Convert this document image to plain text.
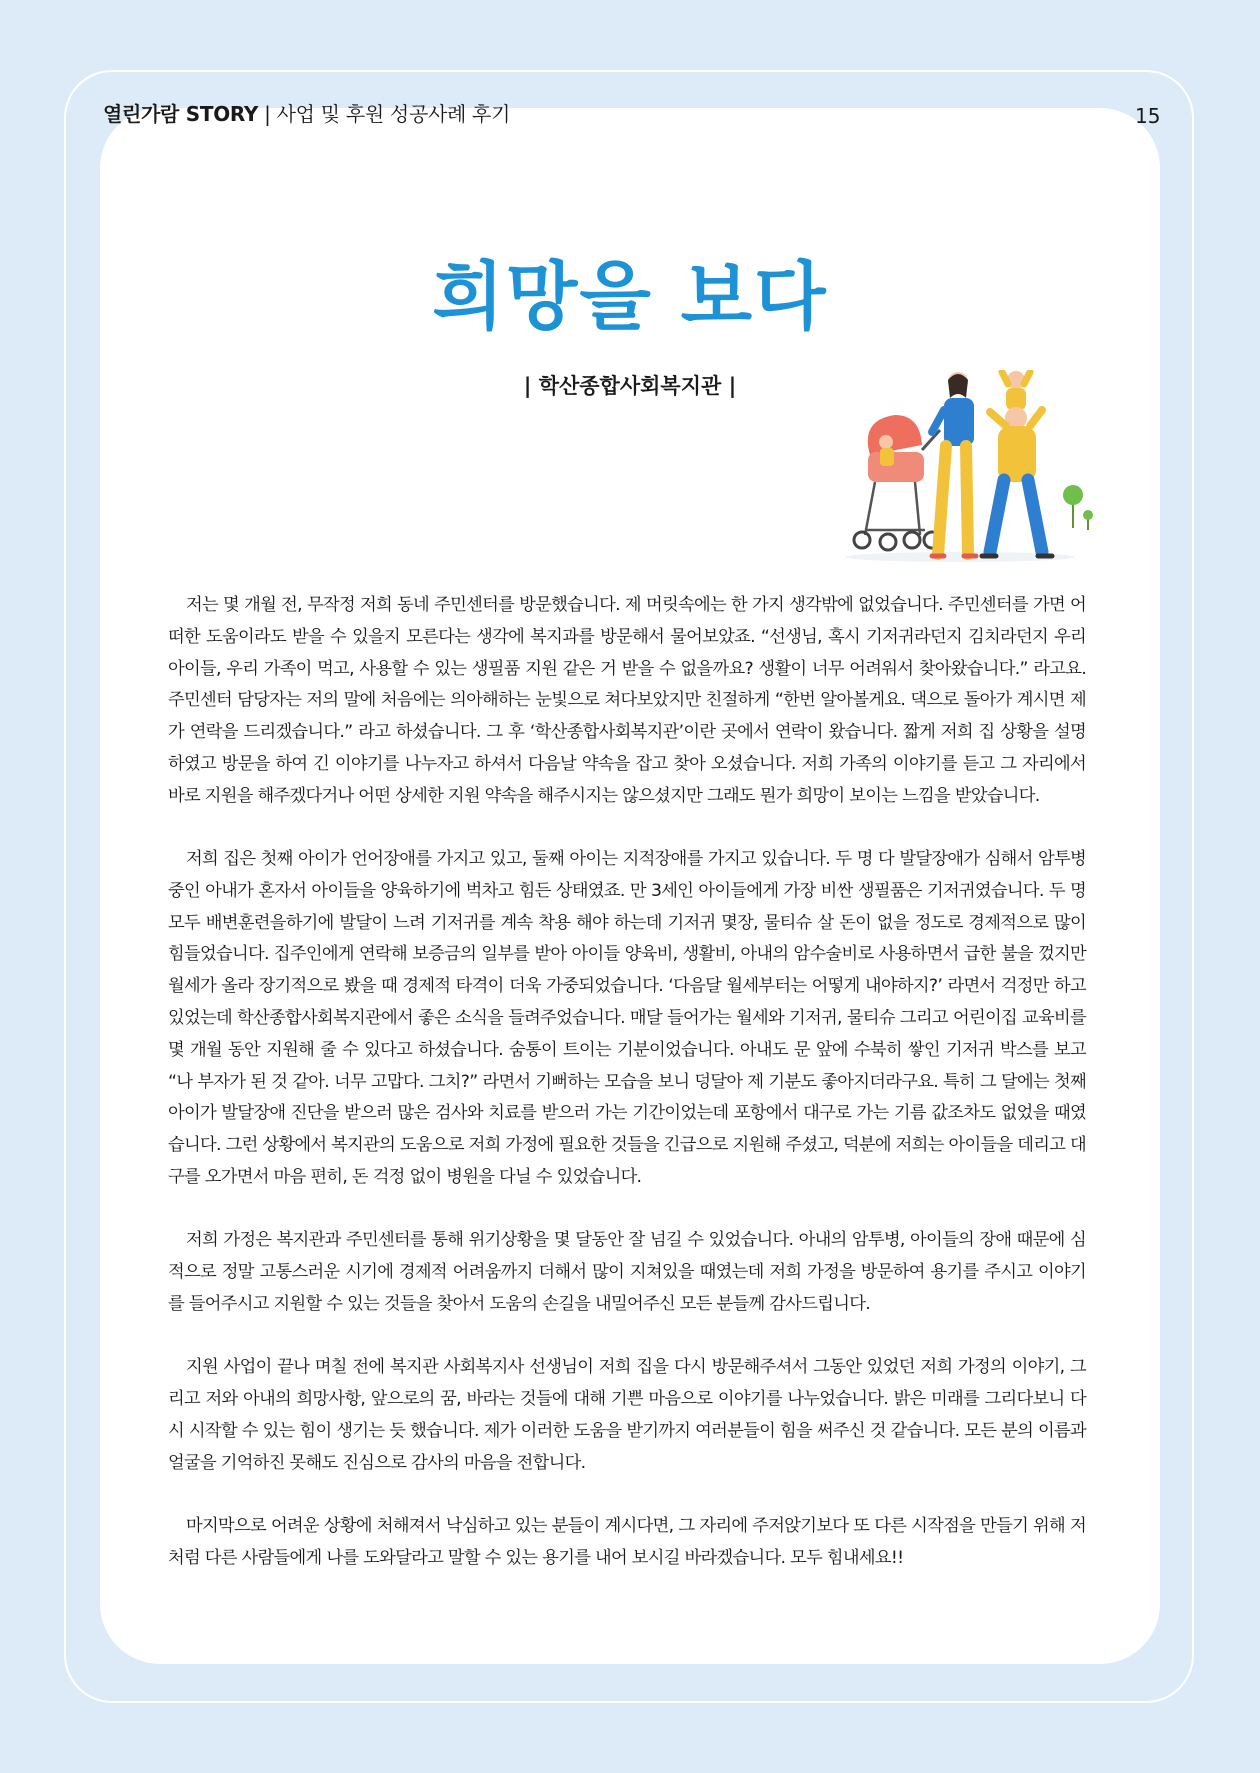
열린가람 STORY | 사업 및 후원 성공사례 후기	15
희망을 보다
| 학산종합사회복지관 |

저는 몇 개월 전, 무작정 저희 동네 주민센터를 방문했습니다. 제 머릿속에는 한 가지 생각밖에 없었습니다. 주민센터를 가면 어떠한 도움이라도 받을 수 있을지 모른다는 생각에 복지과를 방문해서 물어보았죠. “선생님, 혹시 기저귀라던지 김치라던지 우리 아이들, 우리 가족이 먹고, 사용할 수 있는 생필품 지원 같은 거 받을 수 없을까요? 생활이 너무 어려워서 찾아왔습니다.” 라고요. 주민센터 담당자는 저의 말에 처음에는 의아해하는 눈빛으로 쳐다보았지만 친절하게 “한번 알아볼게요. 댁으로 돌아가 계시면 제가 연락을 드리겠습니다.” 라고 하셨습니다. 그 후 ‘학산종합사회복지관’이란 곳에서 연락이 왔습니다. 짧게 저희 집 상황을 설명하였고 방문을 하여 긴 이야기를 나누자고 하셔서 다음날 약속을 잡고 찾아 오셨습니다. 저희 가족의 이야기를 듣고 그 자리에서 바로 지원을 해주겠다거나 어떤 상세한 지원 약속을 해주시지는 않으셨지만 그래도 뭔가 희망이 보이는 느낌을 받았습니다.

저희 집은 첫째 아이가 언어장애를 가지고 있고, 둘째 아이는 지적장애를 가지고 있습니다. 두 명 다 발달장애가 심해서 암투병중인 아내가 혼자서 아이들을 양육하기에 벅차고 힘든 상태였죠. 만 3세인 아이들에게 가장 비싼 생필품은 기저귀였습니다. 두 명 모두 배변훈련을하기에 발달이 느려 기저귀를 계속 착용 해야 하는데 기저귀 몇장, 물티슈 살 돈이 없을 정도로 경제적으로 많이 힘들었습니다. 집주인에게 연락해 보증금의 일부를 받아 아이들 양육비, 생활비, 아내의 암수술비로 사용하면서 급한 불을 껐지만 월세가 올라 장기적으로 봤을 때 경제적 타격이 더욱 가중되었습니다. ‘다음달 월세부터는 어떻게 내야하지?’ 라면서 걱정만 하고 있었는데 학산종합사회복지관에서 좋은 소식을 들려주었습니다. 매달 들어가는 월세와 기저귀, 물티슈 그리고 어린이집 교육비를 몇 개월 동안 지원해 줄 수 있다고 하셨습니다. 숨통이 트이는 기분이었습니다. 아내도 문 앞에 수북히 쌓인 기저귀 박스를 보고 “나 부자가 된 것 같아. 너무 고맙다. 그치?” 라면서 기뻐하는 모습을 보니 덩달아 제 기분도 좋아지더라구요. 특히 그 달에는 첫째 아이가 발달장애 진단을 받으러 많은 검사와 치료를 받으러 가는 기간이었는데 포항에서 대구로 가는 기름 값조차도 없었을 때였습니다. 그런 상황에서 복지관의 도움으로 저희 가정에 필요한 것들을 긴급으로 지원해 주셨고, 덕분에 저희는 아이들을 데리고 대구를 오가면서 마음 편히, 돈 걱정 없이 병원을 다닐 수 있었습니다.

저희 가정은 복지관과 주민센터를 통해 위기상황을 몇 달동안 잘 넘길 수 있었습니다. 아내의 암투병, 아이들의 장애 때문에 심적으로 정말 고통스러운 시기에 경제적 어려움까지 더해서 많이 지쳐있을 때였는데 저희 가정을 방문하여 용기를 주시고 이야기를 들어주시고 지원할 수 있는 것들을 찾아서 도움의 손길을 내밀어주신 모든 분들께 감사드립니다.

지원 사업이 끝나 며칠 전에 복지관 사회복지사 선생님이 저희 집을 다시 방문해주셔서 그동안 있었던 저희 가정의 이야기, 그리고 저와 아내의 희망사항, 앞으로의 꿈, 바라는 것들에 대해 기쁜 마음으로 이야기를 나누었습니다. 밝은 미래를 그리다보니 다시 시작할 수 있는 힘이 생기는 듯 했습니다. 제가 이러한 도움을 받기까지 여러분들이 힘을 써주신 것 같습니다. 모든 분의 이름과 얼굴을 기억하진 못해도 진심으로 감사의 마음을 전합니다.

마지막으로 어려운 상황에 처해져서 낙심하고 있는 분들이 계시다면, 그 자리에 주저앉기보다 또 다른 시작점을 만들기 위해 저처럼 다른 사람들에게 나를 도와달라고 말할 수 있는 용기를 내어 보시길 바라겠습니다. 모두 힘내세요!!
